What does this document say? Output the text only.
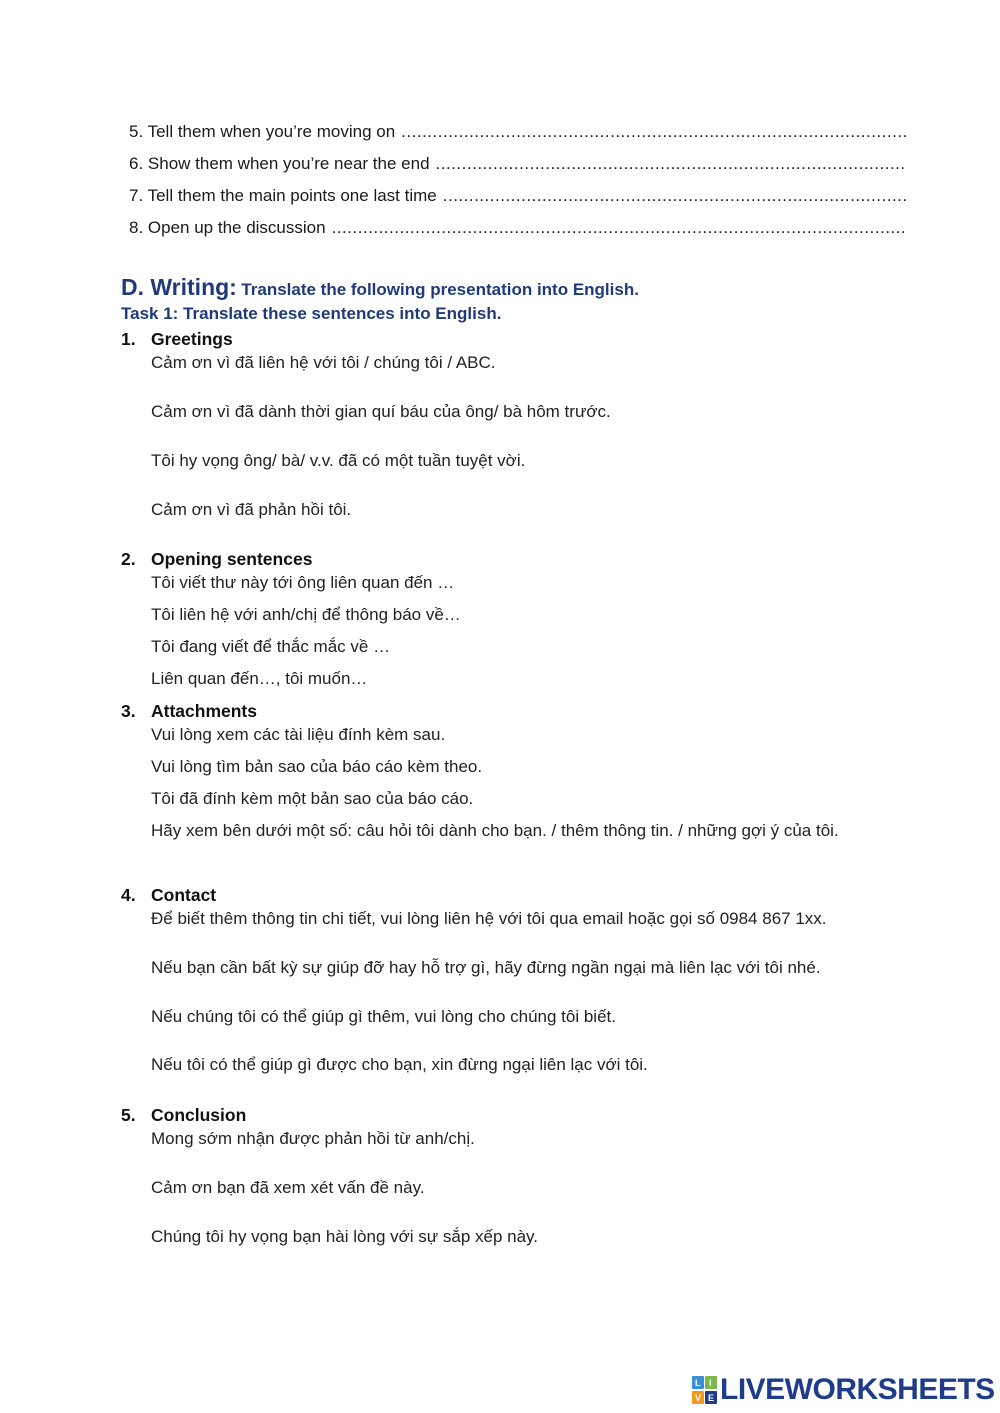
5. Tell them when you’re moving on
.....
6. Show them when you’re near the end
.....
7. Tell them the main points one last time
.....
8. Open up the discussion
.....
D. Writing: Translate the following presentation into English.
Task 1: Translate these sentences into English.
1. Greetings
Cảm ơn vì đã liên hệ với tôi / chúng tôi / ABC.
Cảm ơn vì đã dành thời gian quí báu của ông/ bà hôm trước.
Tôi hy vọng ông/ bà/ v.v. đã có một tuần tuyệt vời.
Cảm ơn vì đã phản hồi tôi.
2. Opening sentences
Tôi viết thư này tới ông liên quan đến …
Tôi liên hệ với anh/chị để thông báo về…
Tôi đang viết để thắc mắc về …
Liên quan đến…, tôi muốn…
3. Attachments
Vui lòng xem các tài liệu đính kèm sau.
Vui lòng tìm bản sao của báo cáo kèm theo.
Tôi đã đính kèm một bản sao của báo cáo.
Hãy xem bên dưới một số: câu hỏi tôi dành cho bạn. / thêm thông tin. / những gợi ý của tôi.
4. Contact
Để biết thêm thông tin chi tiết, vui lòng liên hệ với tôi qua email hoặc gọi số 0984 867 1xx.
Nếu bạn cần bất kỳ sự giúp đỡ hay hỗ trợ gì, hãy đừng ngần ngại mà liên lạc với tôi nhé.
Nếu chúng tôi có thể giúp gì thêm, vui lòng cho chúng tôi biết.
Nếu tôi có thể giúp gì được cho bạn, xin đừng ngại liên lạc với tôi.
5. Conclusion
Mong sớm nhận được phản hồi từ anh/chị.
Cảm ơn bạn đã xem xét vấn đề này.
Chúng tôi hy vọng bạn hài lòng với sự sắp xếp này.
L I
V E LIVEWORKSHEETS
